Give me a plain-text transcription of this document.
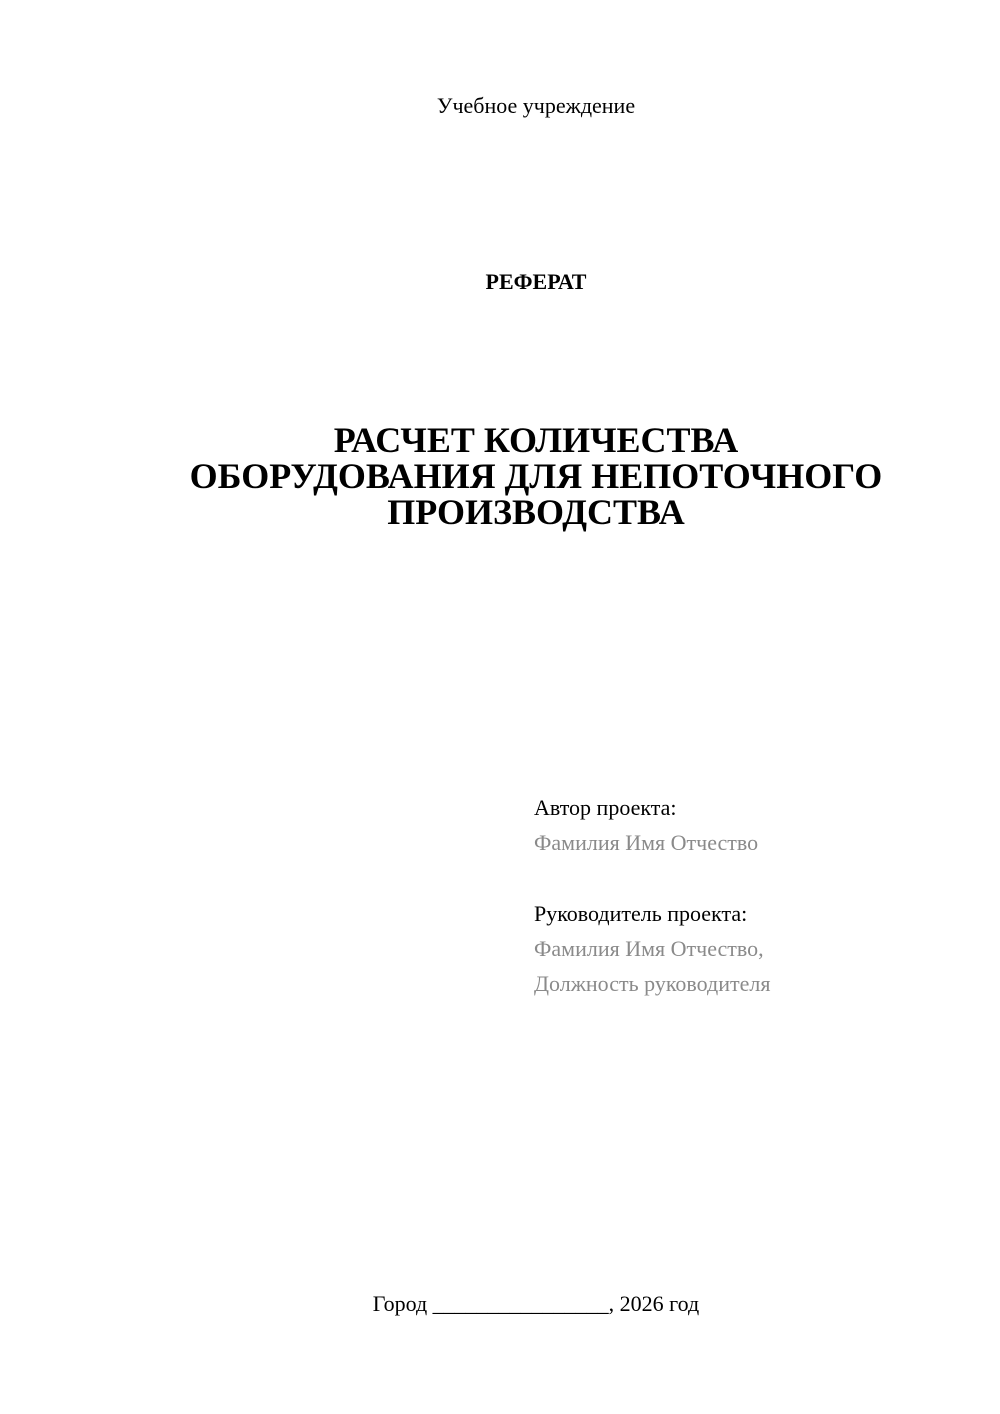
Учебное учреждение
РЕФЕРАТ
РАСЧЕТ КОЛИЧЕСТВА
ОБОРУДОВАНИЯ ДЛЯ НЕПОТОЧНОГО
ПРОИЗВОДСТВА
Автор проекта:
Фамилия Имя Отчество
Руководитель проекта:
Фамилия Имя Отчество,
Должность руководителя
Город ________________, 2026 год
